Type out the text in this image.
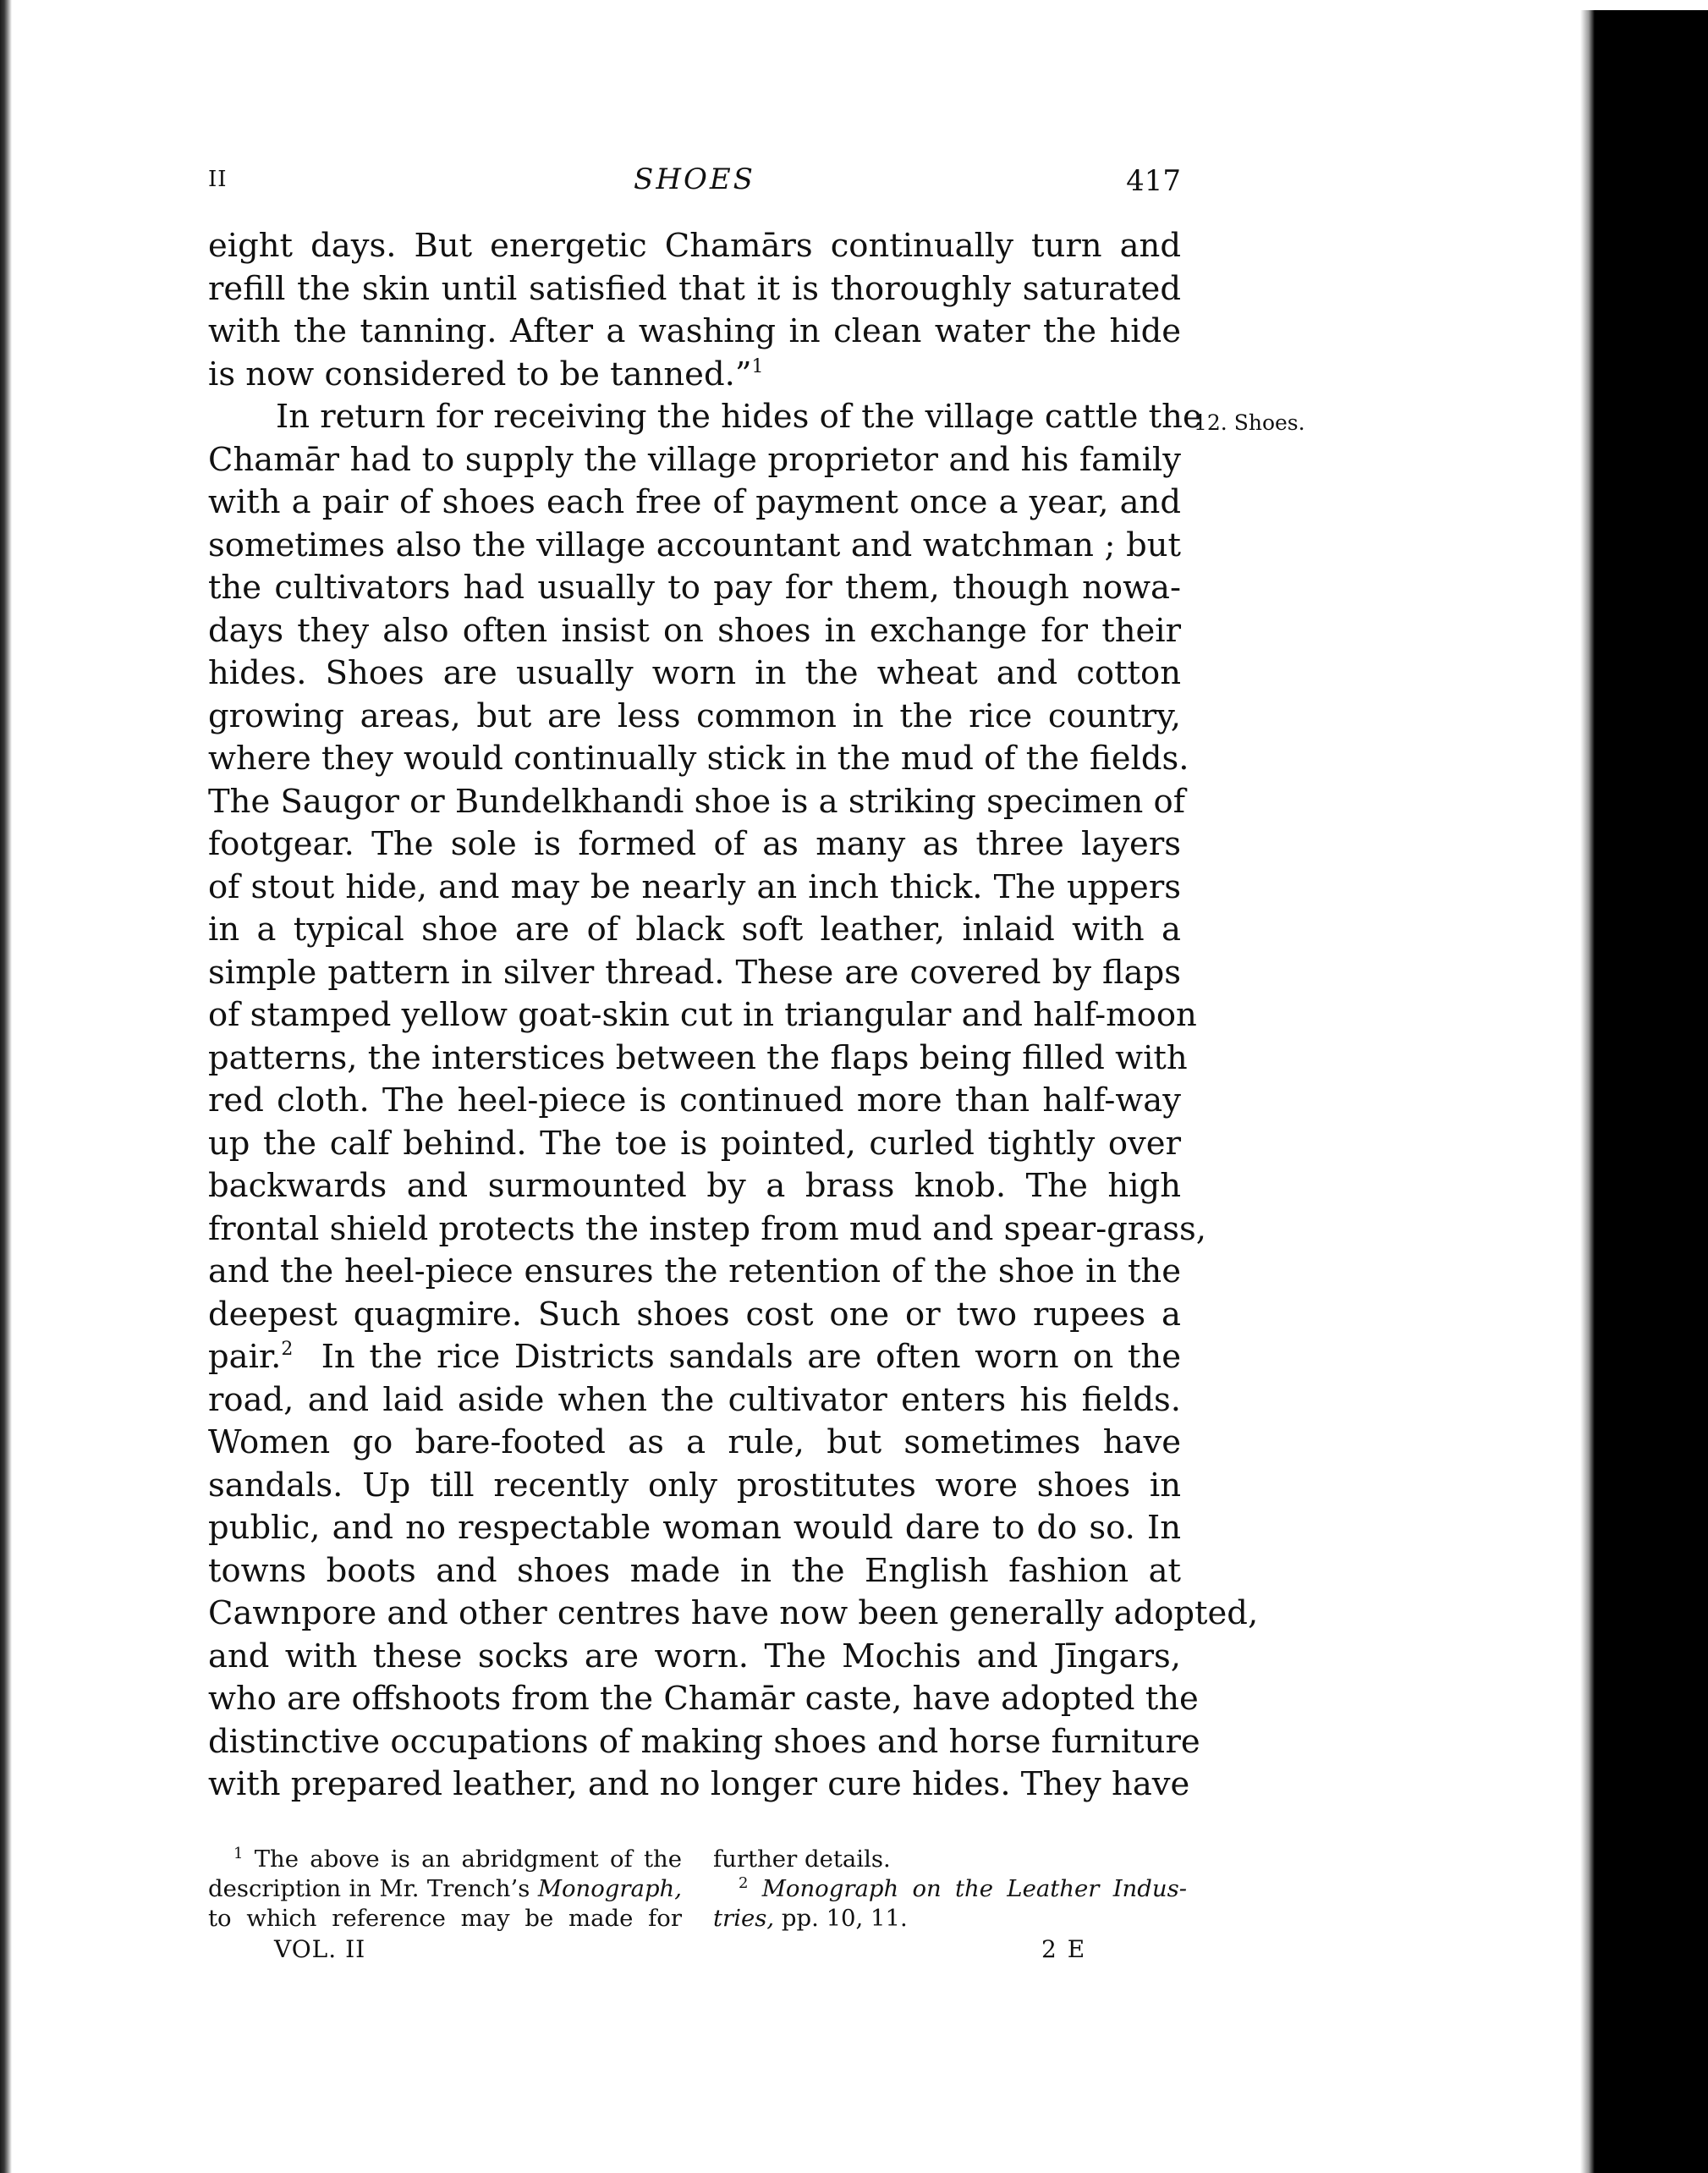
II	SHOES	417
12. Shoes.
eight days. But energetic Chamārs continually turn and
refill the skin until satisfied that it is thoroughly saturated
with the tanning. After a washing in clean water the hide
is now considered to be tanned.”$^1$
In return for receiving the hides of the village cattle the
Chamār had to supply the village proprietor and his family
with a pair of shoes each free of payment once a year, and
sometimes also the village accountant and watchman ; but
the cultivators had usually to pay for them, though nowa-
days they also often insist on shoes in exchange for their
hides. Shoes are usually worn in the wheat and cotton
growing areas, but are less common in the rice country,
where they would continually stick in the mud of the fields.
The Saugor or Bundelkhandi shoe is a striking specimen of
footgear. The sole is formed of as many as three layers
of stout hide, and may be nearly an inch thick. The uppers
in a typical shoe are of black soft leather, inlaid with a
simple pattern in silver thread. These are covered by flaps
of stamped yellow goat-skin cut in triangular and half-moon
patterns, the interstices between the flaps being filled with
red cloth. The heel-piece is continued more than half-way
up the calf behind. The toe is pointed, curled tightly over
backwards and surmounted by a brass knob. The high
frontal shield protects the instep from mud and spear-grass,
and the heel-piece ensures the retention of the shoe in the
deepest quagmire. Such shoes cost one or two rupees a
pair.$^2$ In the rice Districts sandals are often worn on the
road, and laid aside when the cultivator enters his fields.
Women go bare-footed as a rule, but sometimes have
sandals. Up till recently only prostitutes wore shoes in
public, and no respectable woman would dare to do so. In
towns boots and shoes made in the English fashion at
Cawnpore and other centres have now been generally adopted,
and with these socks are worn. The Mochis and Jīngars,
who are offshoots from the Chamār caste, have adopted the
distinctive occupations of making shoes and horse furniture
with prepared leather, and no longer cure hides. They have
$^1$ The above is an abridgment of the
description in Mr. Trench’s Monograph,
to which reference may be made for
further details.
$^2$ Monograph on the Leather Indus-
tries, pp. 10, 11.
VOL. II	2 E
